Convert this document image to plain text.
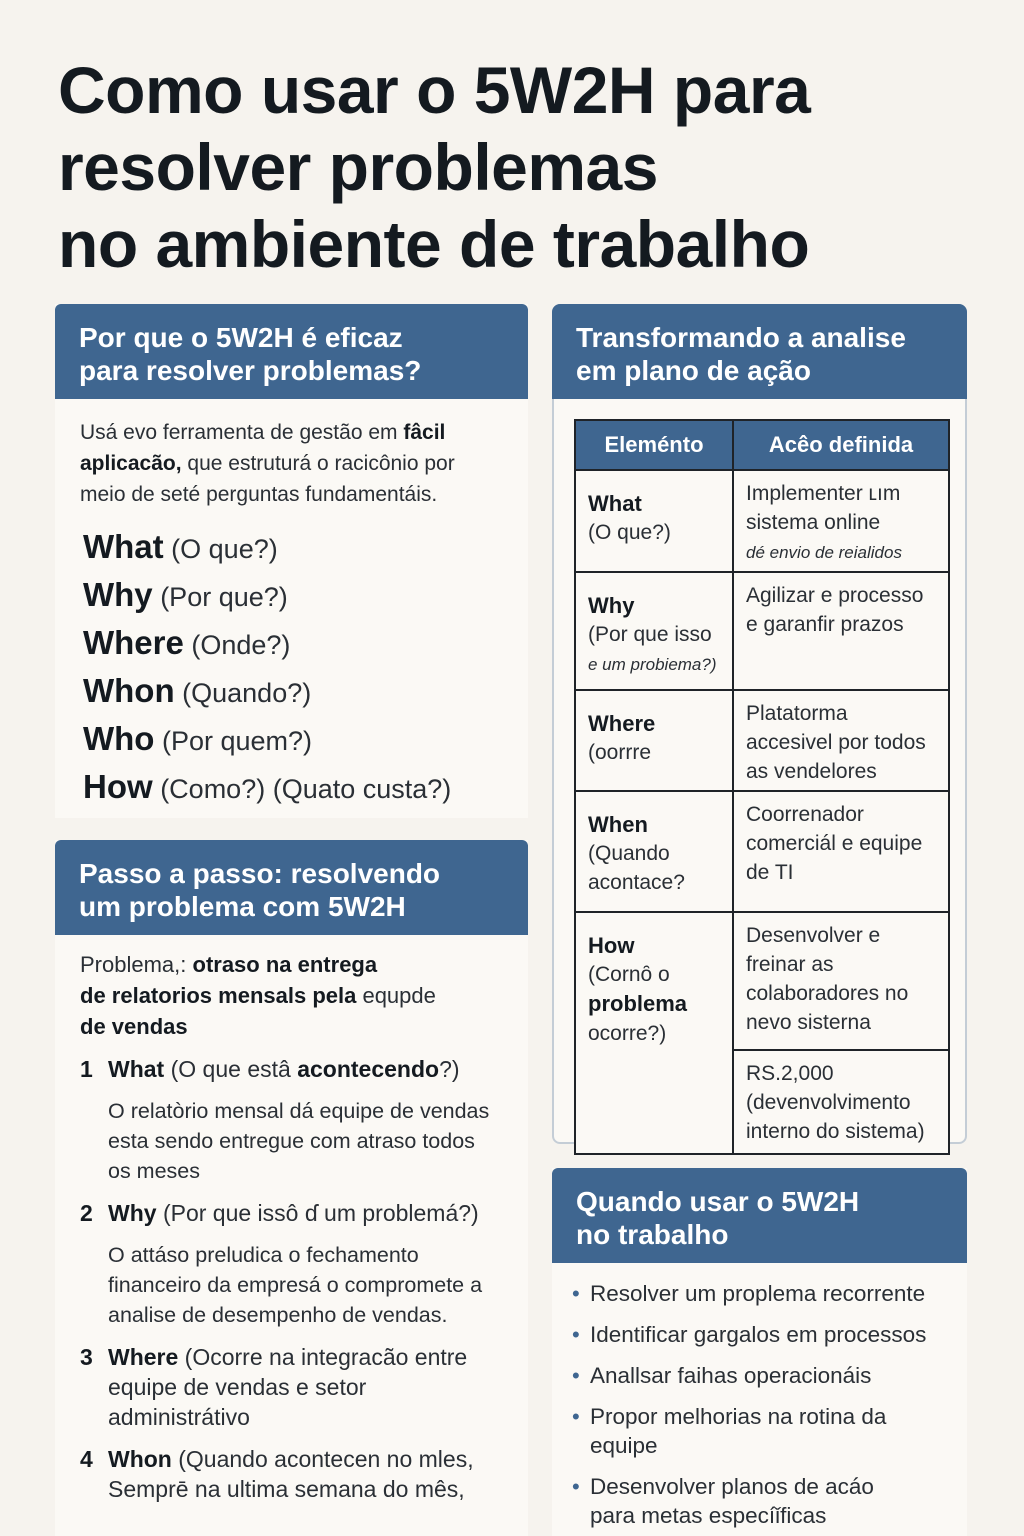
Como usar o 5W2H para
resolver problemas
no ambiente de trabalho
Por que o 5W2H é eficaz
para resolver problemas?

Usá evo ferramenta de gestão em fâcil aplicacão, que estruturá o racicônio por meio de seté perguntas fundamentáis.

What (O que?)
Why (Por que?)
Where (Onde?)
Whon (Quando?)
Who (Por quem?)
How (Como?) (Quato custa?)
Passo a passo: resolvendo
um problema com 5W2H

Problema,: otraso na entrega
de relatorios mensals pela equpde
de vendas

1 What (O que estâ acontecendo?)
O relatòrio mensal dá equipe de vendas esta sendo entregue com atraso todos os meses
2 Why (Por que issô ɗ um problemá?)
O attáso preludica o fechamento financeiro da empresá o comprometе a analise de desempenho de vendas.
3 Where (Ocorre na integracão entre equipe de vendas e setor administrátivo
4 Whon (Quando acontecen no mles, Semprē na ultima semana do mês,
Transformando a analise
em plano de ação
Eleménto	Acêo definida

What
(O que?)	Implementer ʟım sistema online
dé envio de reialidos

Why
(Por que isso
e um probiema?)	Agilizar e processo e garanfir prazos

Where
(oorrre	Platatorma accesivel por todos as vendelores

When
(Quando acontace?	Coorrenador comerciál e equipe de TI

How
(Cornȏ o problema
ocorre?)	Desenvolver e freinar as colaboradores no nevo sisterna
	RS.2,000 (devenvolvimento interno do sistema)
Quando usar o 5W2H
no trabalho
• Resolver um proplema recorrente
• Identificar gargalos em processos
• Anallsar faihas operacionáis
• Propor melhorias na rotina da equipe
• Desenvolver planos de acáo para metas especíǐficas
